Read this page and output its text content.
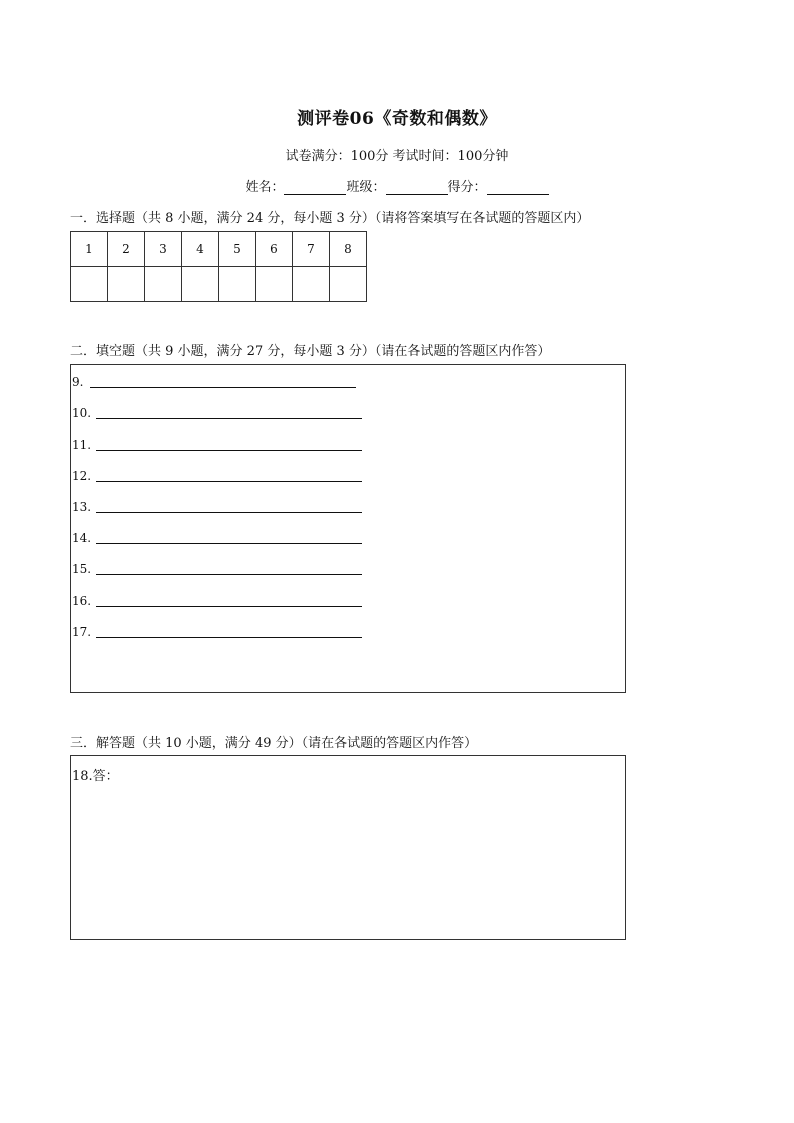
测评卷06《奇数和偶数》
试卷满分：100分 考试时间：100分钟
姓名：	班级：	得分：
一．选择题（共 8 小题，满分 24 分，每小题 3 分）（请将答案填写在各试题的答题区内）
1	2	3	4	5	6	7	8

二．填空题（共 9 小题，满分 27 分，每小题 3 分）（请在各试题的答题区内作答）
9.
10.
11.
12.
13.
14.
15.
16.
17.
三．解答题（共 10 小题，满分 49 分）（请在各试题的答题区内作答）
18.答：
